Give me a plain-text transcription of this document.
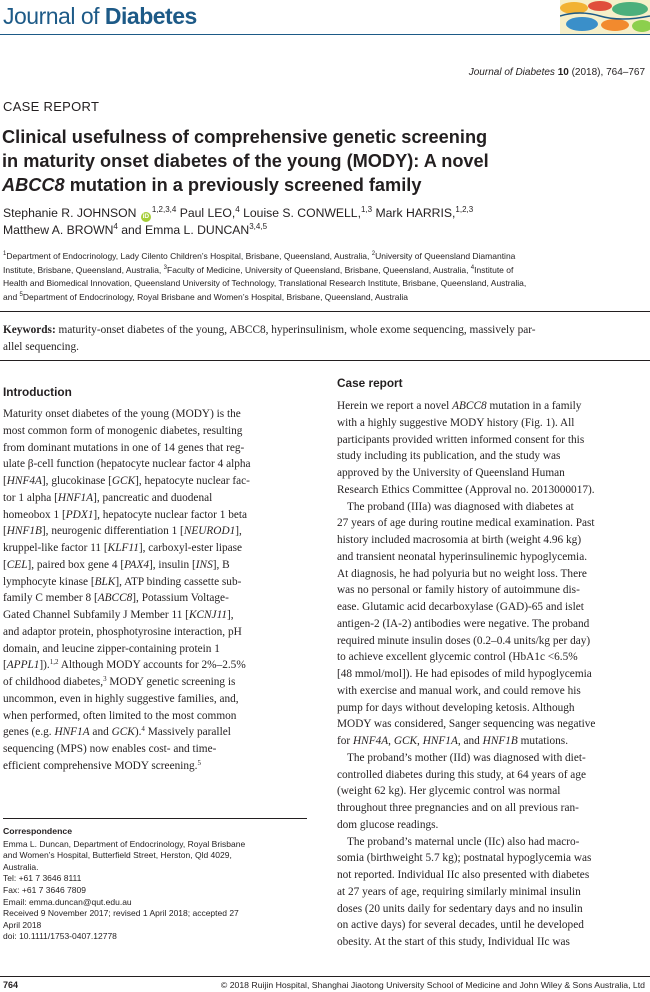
Journal of Diabetes
Journal of Diabetes 10 (2018), 764–767
CASE REPORT
Clinical usefulness of comprehensive genetic screening
in maturity onset diabetes of the young (MODY): A novel
ABCC8 mutation in a previously screened family
Stephanie R. JOHNSON iD$^{1,2,3,4}$ Paul LEO,$^4$ Louise S. CONWELL,$^{1,3}$ Mark HARRIS,$^{1,2,3}$
Matthew A. BROWN$^4$ and Emma L. DUNCAN$^{3,4,5}$
$^1$Department of Endocrinology, Lady Cilento Children’s Hospital, Brisbane, Queensland, Australia, $^2$University of Queensland Diamantina
Institute, Brisbane, Queensland, Australia, $^3$Faculty of Medicine, University of Queensland, Brisbane, Queensland, Australia, $^4$Institute of
Health and Biomedical Innovation, Queensland University of Technology, Translational Research Institute, Brisbane, Queensland, Australia,
and $^5$Department of Endocrinology, Royal Brisbane and Women’s Hospital, Brisbane, Queensland, Australia
Keywords: maturity-onset diabetes of the young, ABCC8, hyperinsulinism, whole exome sequencing, massively par-
allel sequencing.
Introduction
Maturity onset diabetes of the young (MODY) is the
most common form of monogenic diabetes, resulting
from dominant mutations in one of 14 genes that reg-
ulate β-cell function (hepatocyte nuclear factor 4 alpha
[HNF4A], glucokinase [GCK], hepatocyte nuclear fac-
tor 1 alpha [HNF1A], pancreatic and duodenal
homeobox 1 [PDX1], hepatocyte nuclear factor 1 beta
[HNF1B], neurogenic differentiation 1 [NEUROD1],
kruppel-like factor 11 [KLF11], carboxyl-ester lipase
[CEL], paired box gene 4 [PAX4], insulin [INS], B
lymphocyte kinase [BLK], ATP binding cassette sub-
family C member 8 [ABCC8], Potassium Voltage-
Gated Channel Subfamily J Member 11 [KCNJ11],
and adaptor protein, phosphotyrosine interaction, pH
domain, and leucine zipper-containing protein 1
[APPL1]).$^{1,2}$ Although MODY accounts for 2%–2.5%
of childhood diabetes,$^3$ MODY genetic screening is
uncommon, even in highly suggestive families, and,
when performed, often limited to the most common
genes (e.g. HNF1A and GCK).$^4$ Massively parallel
sequencing (MPS) now enables cost- and time-
efficient comprehensive MODY screening.$^5$
Correspondence
Emma L. Duncan, Department of Endocrinology, Royal Brisbane
and Women’s Hospital, Butterfield Street, Herston, Qld 4029,
Australia.
Tel: +61 7 3646 8111
Fax: +61 7 3646 7809
Email: emma.duncan@qut.edu.au
Received 9 November 2017; revised 1 April 2018; accepted 27
April 2018
doi: 10.1111/1753-0407.12778
Case report
Herein we report a novel ABCC8 mutation in a family
with a highly suggestive MODY history (Fig. 1). All
participants provided written informed consent for this
study including its publication, and the study was
approved by the University of Queensland Human
Research Ethics Committee (Approval no. 2013000017).
The proband (IIIa) was diagnosed with diabetes at
27 years of age during routine medical examination. Past
history included macrosomia at birth (weight 4.96 kg)
and transient neonatal hyperinsulinemic hypoglycemia.
At diagnosis, he had polyuria but no weight loss. There
was no personal or family history of autoimmune dis-
ease. Glutamic acid decarboxylase (GAD)-65 and islet
antigen-2 (IA-2) antibodies were negative. The proband
required minute insulin doses (0.2–0.4 units/kg per day)
to achieve excellent glycemic control (HbA1c <6.5%
[48 mmol/mol]). He had episodes of mild hypoglycemia
with exercise and manual work, and could remove his
pump for days without developing ketosis. Although
MODY was considered, Sanger sequencing was negative
for HNF4A, GCK, HNF1A, and HNF1B mutations.
The proband’s mother (IId) was diagnosed with diet-
controlled diabetes during this study, at 64 years of age
(weight 62 kg). Her glycemic control was normal
throughout three pregnancies and on all previous ran-
dom glucose readings.
The proband’s maternal uncle (IIc) also had macro-
somia (birthweight 5.7 kg); postnatal hypoglycemia was
not reported. Individual IIc also presented with diabetes
at 27 years of age, requiring similarly minimal insulin
doses (20 units daily for sedentary days and no insulin
on active days) for several decades, until he developed
obesity. At the start of this study, Individual IIc was
764	© 2018 Ruijin Hospital, Shanghai Jiaotong University School of Medicine and John Wiley & Sons Australia, Ltd
